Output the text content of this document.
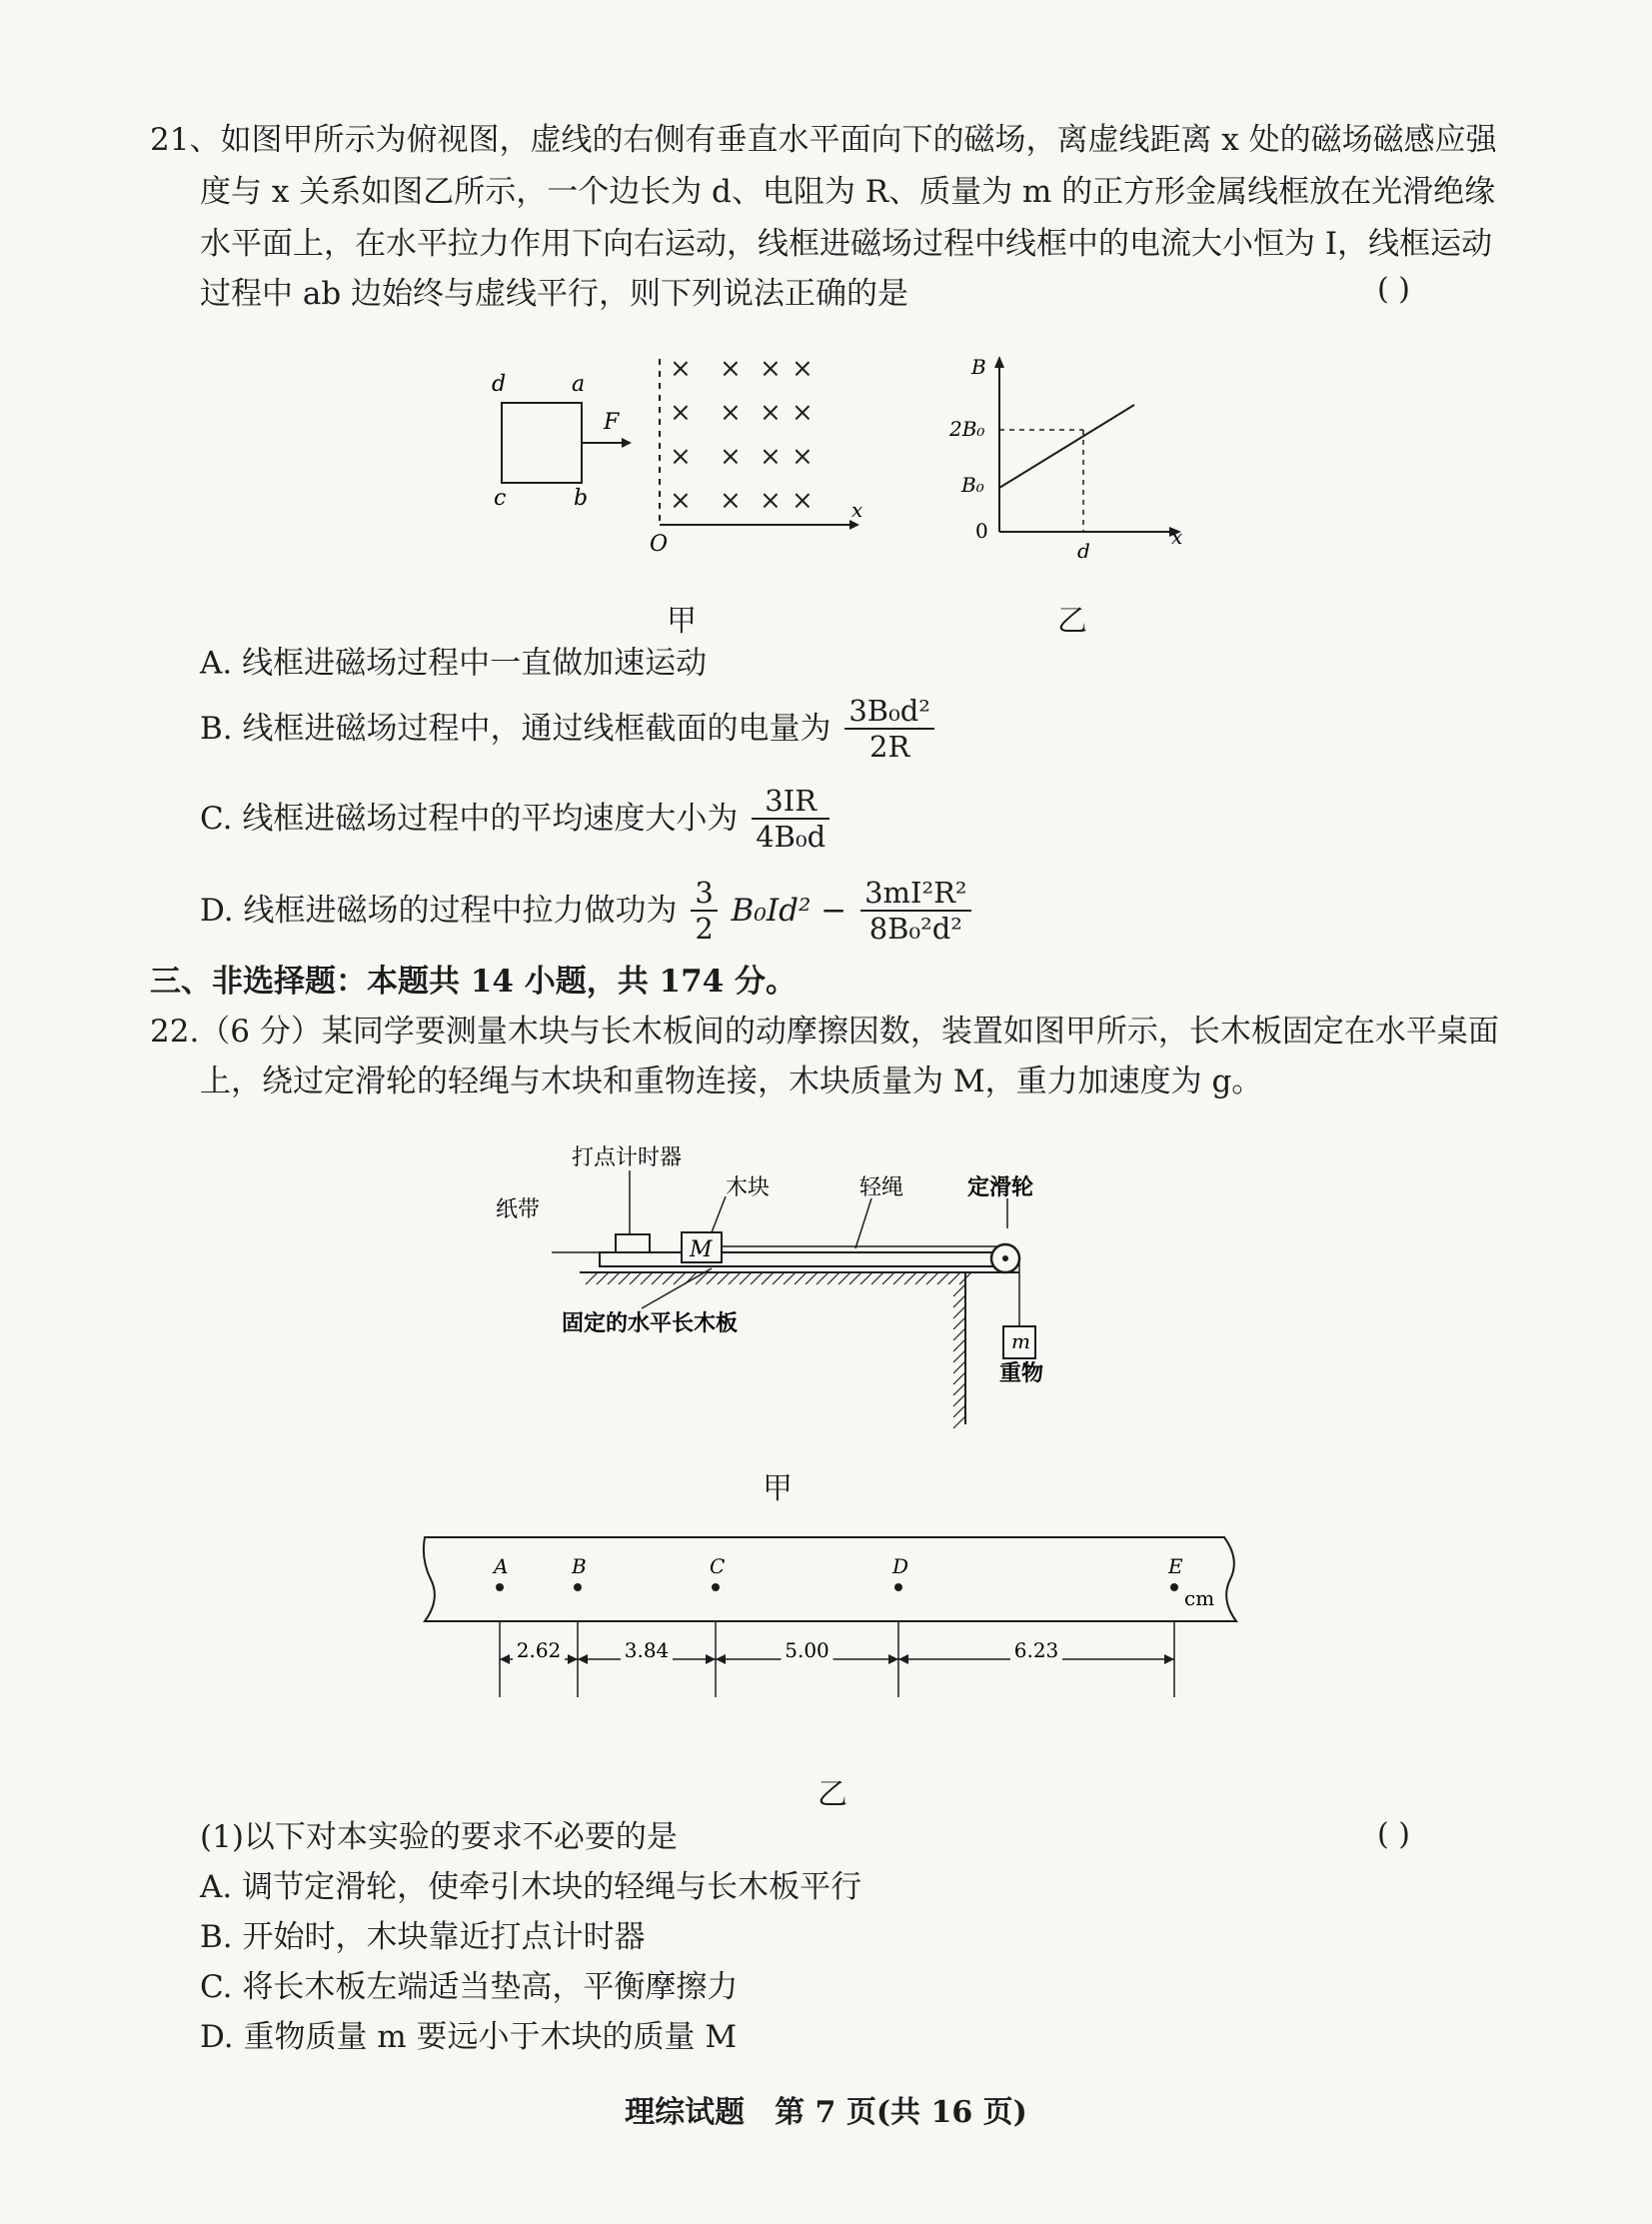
21、如图甲所示为俯视图，虚线的右侧有垂直水平面向下的磁场，离虚线距离 x 处的磁场磁感应强
度与 x 关系如图乙所示，一个边长为 d、电阻为 R、质量为 m 的正方形金属线框放在光滑绝缘
水平面上，在水平拉力作用下向右运动，线框进磁场过程中线框中的电流大小恒为 I，线框运动
过程中 ab 边始终与虚线平行，则下列说法正确的是	( )
d	a
c	b
F
x
O
× × × ×
× × × ×
× × × ×
× × × ×
甲
B
x
0
2B₀
B₀
d
乙
A. 线框进磁场过程中一直做加速运动
B. 线框进磁场过程中，通过线框截面的电量为 $\frac{\text{3B₀d²}}{2R}$
C. 线框进磁场过程中的平均速度大小为 $\frac{3IR}{\text{4B₀d}}$
D. 线框进磁场的过程中拉力做功为 $\frac{3}{2} B_0Id^2 - \frac{\text{3mI²R²}}{\text{8B₀²d²}}$
三、非选择题：本题共 14 小题，共 174 分。
22.（6 分）某同学要测量木块与长木板间的动摩擦因数，装置如图甲所示，长木板固定在水平桌面
上，绕过定滑轮的轻绳与木块和重物连接，木块质量为 M，重力加速度为 g。
打点计时器
木块	轻绳	定滑轮
纸带
固定的水平长木板
重物
M
m
甲
cm
A	B	C	D	E
2.62	3.84	5.00	6.23
乙
(1)以下对本实验的要求不必要的是	( )
A. 调节定滑轮，使牵引木块的轻绳与长木板平行
B. 开始时，木块靠近打点计时器
C. 将长木板左端适当垫高，平衡摩擦力
D. 重物质量 m 要远小于木块的质量 M
理综试题　第 7 页(共 16 页)
